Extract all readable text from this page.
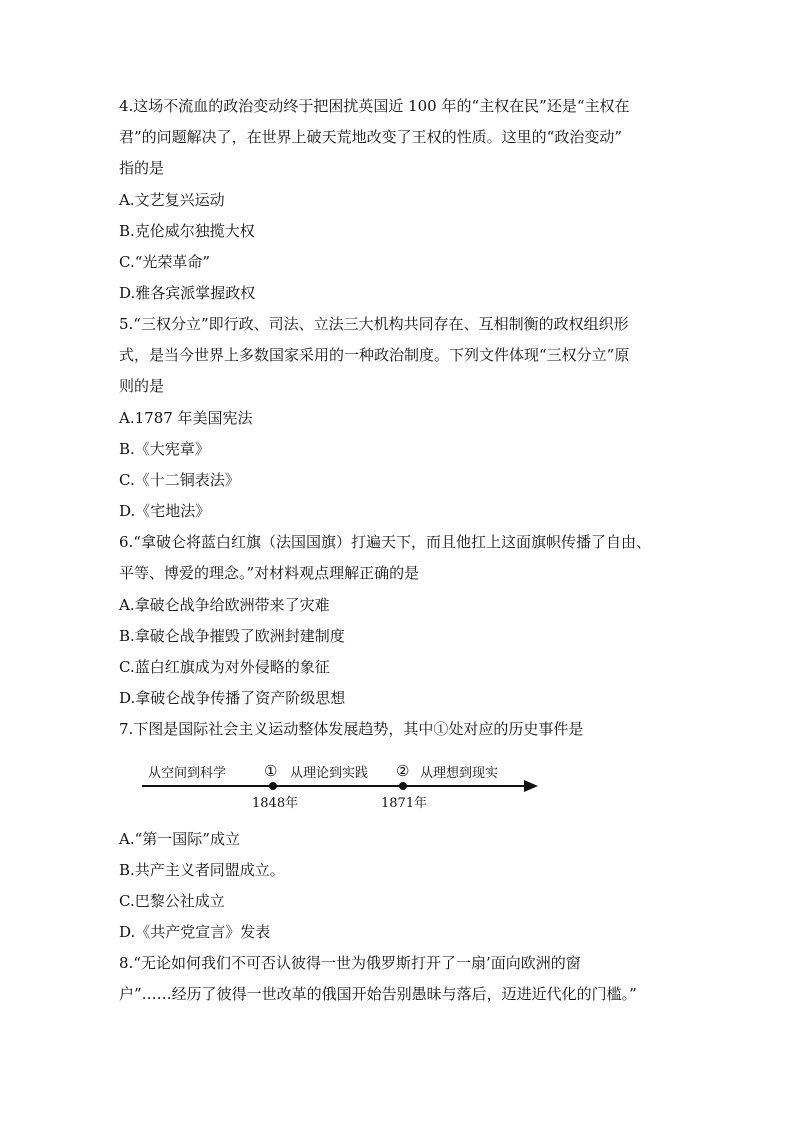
4.这场不流血的政治变动终于把困扰英国近 100 年的“主权在民”还是“主权在
君”的问题解决了，在世界上破天荒地改变了王权的性质。这里的“政治变动”
指的是

A.文艺复兴运动

B.克伦威尔独揽大权

C.“光荣革命”

D.雅各宾派掌握政权

5.“三权分立”即行政、司法、立法三大机构共同存在、互相制衡的政权组织形
式，是当今世界上多数国家采用的一种政治制度。下列文件体现“三权分立”原
则的是

A.1787 年美国宪法

B.《大宪章》

C.《十二铜表法》

D.《宅地法》

6.“拿破仑将蓝白红旗（法国国旗）打遍天下，而且他扛上这面旗帜传播了自由、
平等、博爱的理念。”对材料观点理解正确的是

A.拿破仑战争给欧洲带来了灾难

B.拿破仑战争摧毁了欧洲封建制度

C.蓝白红旗成为对外侵略的象征

D.拿破仑战争传播了资产阶级思想

7.下图是国际社会主义运动整体发展趋势，其中①处对应的历史事件是
从空间到科学	① 从理论到实践 ② 从理想到现实
1848年	1871年

A.“第一国际”成立

B.共产主义者同盟成立。

C.巴黎公社成立

D.《共产党宣言》发表

8.“无论如何我们不可否认彼得一世为俄罗斯打开了一扇’面向欧洲的窗
户”……经历了彼得一世改革的俄国开始告别愚昧与落后，迈进近代化的门槛。”
